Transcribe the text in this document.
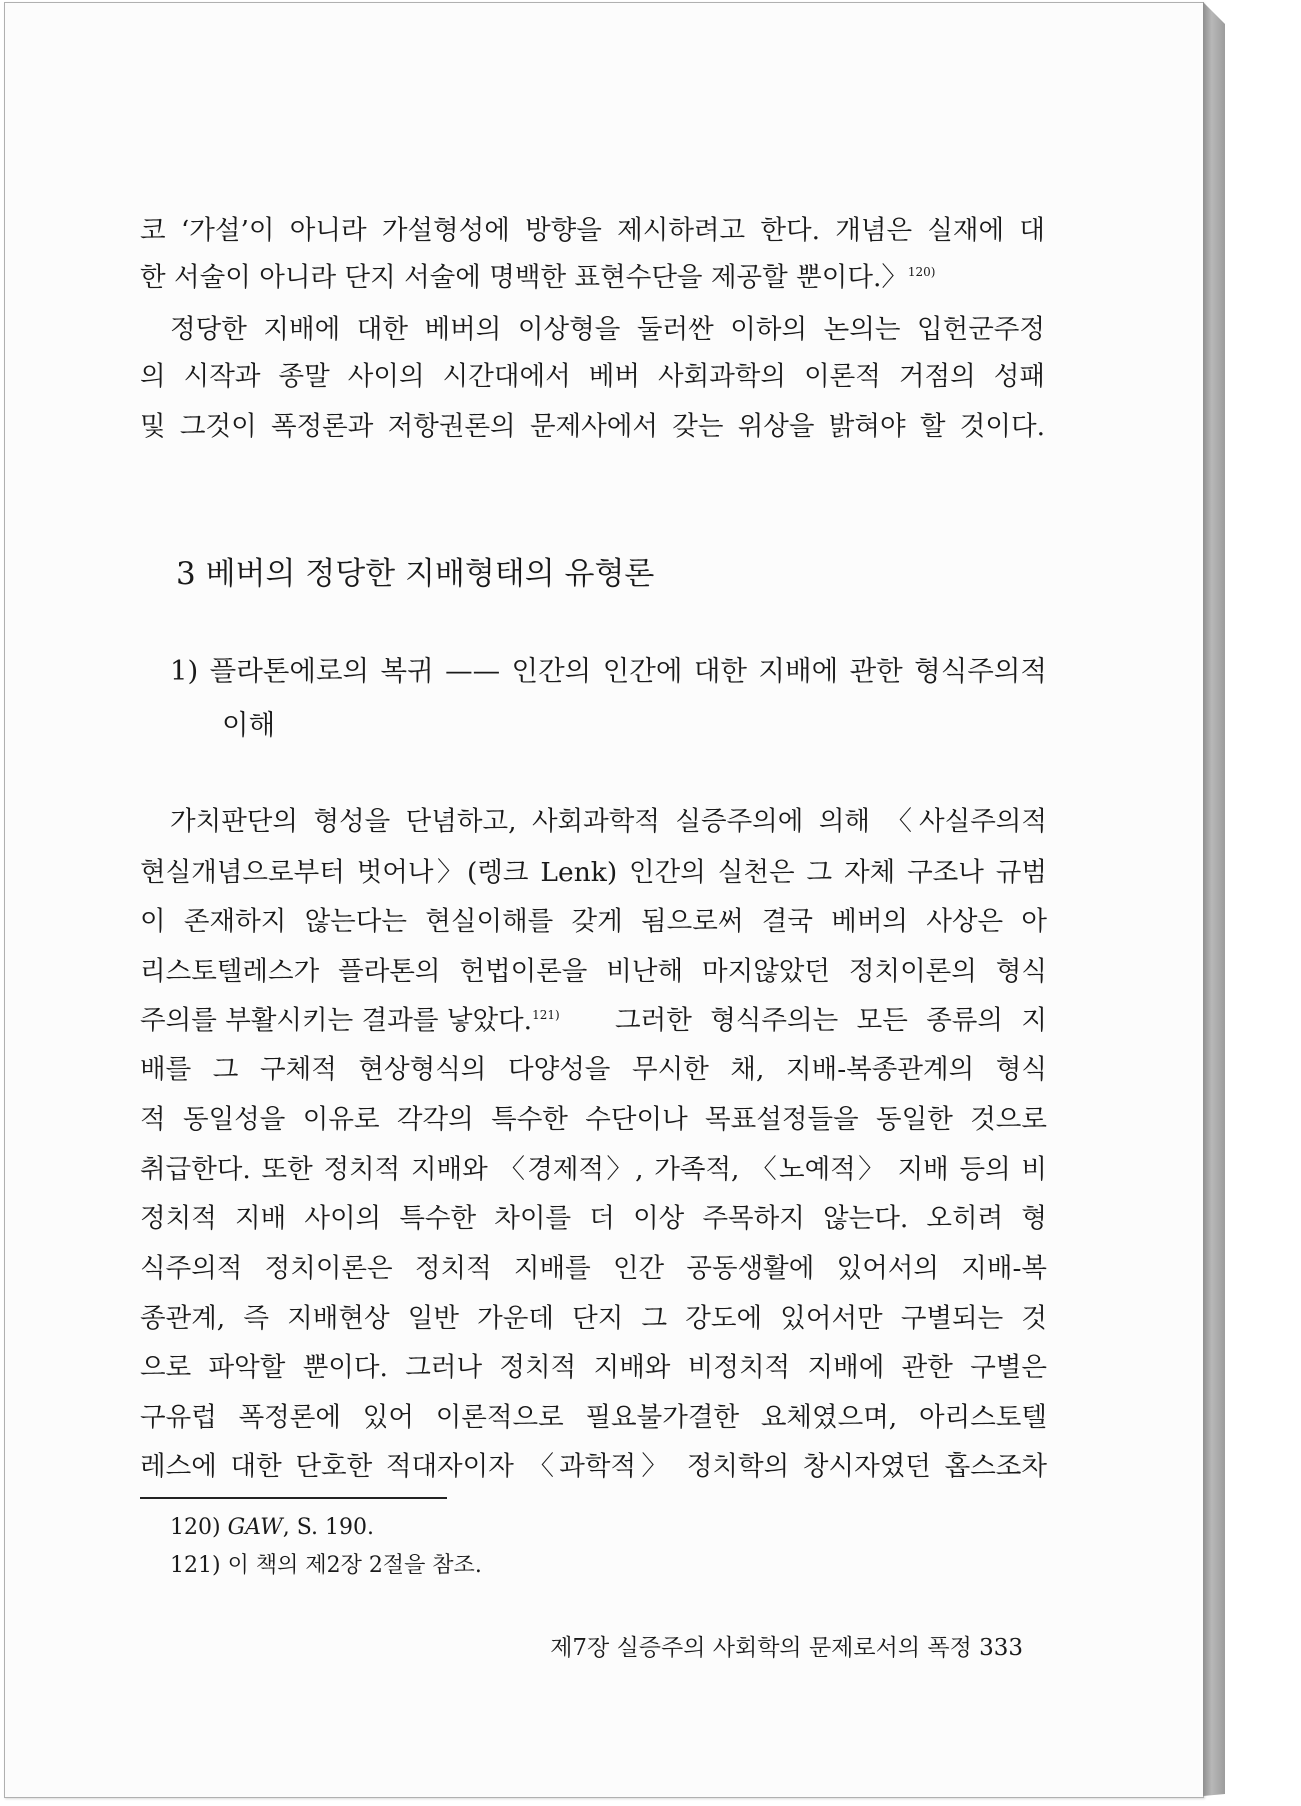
코 ‘가설’이 아니라 가설형성에 방향을 제시하려고 한다. 개념은 실재에 대
한 서술이 아니라 단지 서술에 명백한 표현수단을 제공할 뿐이다.〉$^{120)}$
정당한 지배에 대한 베버의 이상형을 둘러싼 이하의 논의는 입헌군주정
의 시작과 종말 사이의 시간대에서 베버 사회과학의 이론적 거점의 성패
및 그것이 폭정론과 저항권론의 문제사에서 갖는 위상을 밝혀야 할 것이다.
3 베버의 정당한 지배형태의 유형론
1) 플라톤에로의 복귀 —— 인간의 인간에 대한 지배에 관한 형식주의적
이해
가치판단의 형성을 단념하고, 사회과학적 실증주의에 의해 〈사실주의적
현실개념으로부터 벗어나〉(렝크 Lenk) 인간의 실천은 그 자체 구조나 규범
이 존재하지 않는다는 현실이해를 갖게 됨으로써 결국 베버의 사상은 아
리스토텔레스가 플라톤의 헌법이론을 비난해 마지않았던 정치이론의 형식
주의를 부활시키는 결과를 낳았다.$^{121)}$ 그러한 형식주의는 모든 종류의 지
배를 그 구체적 현상형식의 다양성을 무시한 채, 지배-복종관계의 형식
적 동일성을 이유로 각각의 특수한 수단이나 목표설정들을 동일한 것으로
취급한다. 또한 정치적 지배와 〈경제적〉, 가족적, 〈노예적〉 지배 등의 비
정치적 지배 사이의 특수한 차이를 더 이상 주목하지 않는다. 오히려 형
식주의적 정치이론은 정치적 지배를 인간 공동생활에 있어서의 지배-복
종관계, 즉 지배현상 일반 가운데 단지 그 강도에 있어서만 구별되는 것
으로 파악할 뿐이다. 그러나 정치적 지배와 비정치적 지배에 관한 구별은
구유럽 폭정론에 있어 이론적으로 필요불가결한 요체였으며, 아리스토텔
레스에 대한 단호한 적대자이자 〈과학적〉 정치학의 창시자였던 홉스조차
120) GAW, S. 190.
121) 이 책의 제2장 2절을 참조.
제7장 실증주의 사회학의 문제로서의 폭정 333
